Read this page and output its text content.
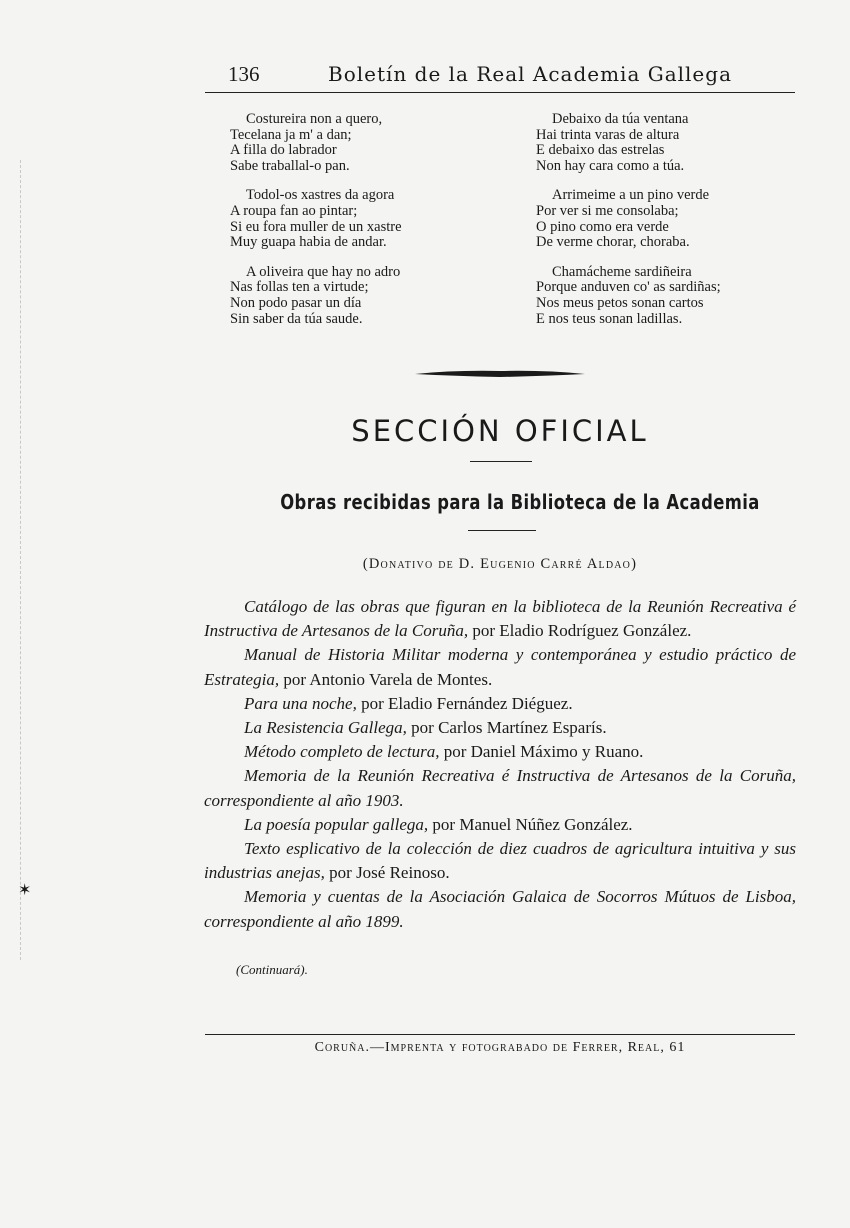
✶
136	Boletín de la Real Academia Gallega
Costureira non a quero,
Tecelana ja m' a dan;
A filla do labrador
Sabe traballal-o pan.
Todol-os xastres da agora
A roupa fan ao pintar;
Si eu fora muller de un xastre
Muy guapa habia de andar.
A oliveira que hay no adro
Nas follas ten a virtude;
Non podo pasar un día
Sin saber da túa saude.
Debaixo da túa ventana
Hai trinta varas de altura
E debaixo das estrelas
Non hay cara como a túa.
Arrimeime a un pino verde
Por ver si me consolaba;
O pino como era verde
De verme chorar, choraba.
Chamácheme sardiñeira
Porque anduven co' as sardiñas;
Nos meus petos sonan cartos
E nos teus sonan ladillas.
SECCIÓN OFICIAL
Obras recibidas para la Biblioteca de la Academia
(Donativo de D. Eugenio Carré Aldao)

Catálogo de las obras que figuran en la biblioteca de la Reunión Recreativa é Instructiva de Artesanos de la Coruña, por Eladio Rodríguez González.

Manual de Historia Militar moderna y contemporánea y estudio práctico de Estrategia, por Antonio Varela de Montes.

Para una noche, por Eladio Fernández Diéguez.

La Resistencia Gallega, por Carlos Martínez Esparís.

Método completo de lectura, por Daniel Máximo y Ruano.

Memoria de la Reunión Recreativa é Instructiva de Artesanos de la Coruña, correspondiente al año 1903.

La poesía popular gallega, por Manuel Núñez González.

Texto esplicativo de la colección de diez cuadros de agricultura intuitiva y sus industrias anejas, por José Reinoso.

Memoria y cuentas de la Asociación Galaica de Socorros Mútuos de Lisboa, correspondiente al año 1899.

(Continuará).
Coruña.—Imprenta y fotograbado de Ferrer, Real, 61
